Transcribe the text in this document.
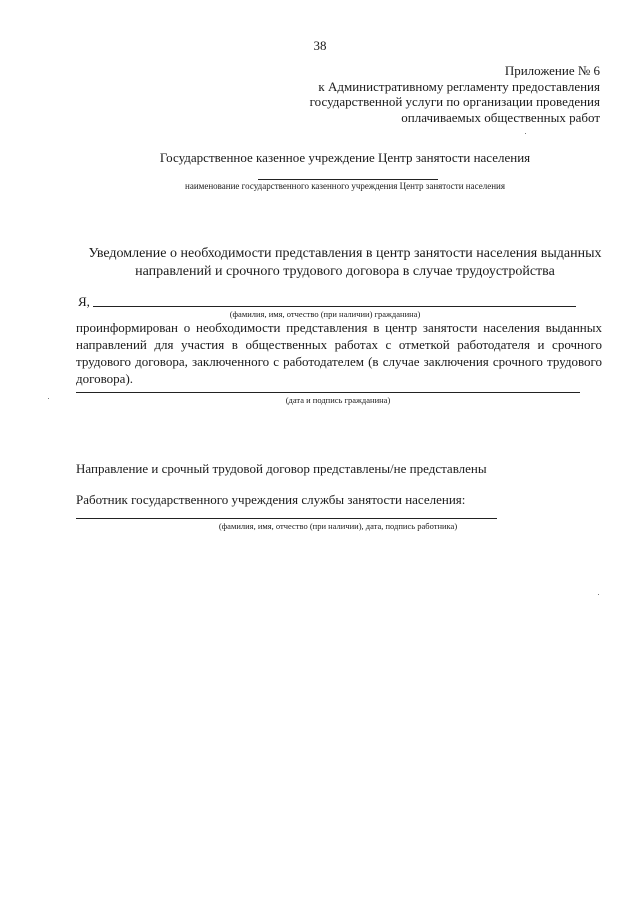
38
Приложение № 6
к Административному регламенту предоставления
государственной услуги по организации проведения
оплачиваемых общественных работ
Государственное казенное учреждение Центр занятости населения
наименование государственного казенного учреждения Центр занятости населения
Уведомление о необходимости представления в центр занятости населения выданных
направлений и срочного трудового договора в случае трудоустройства
Я,
(фамилия, имя, отчество (при наличии) гражданина)
проинформирован о необходимости представления в центр занятости населения выданных направлений для участия в общественных работах с отметкой работодателя и срочного трудового договора, заключенного с работодателем (в случае заключения срочного трудового договора).
(дата и подпись гражданина)
Направление и срочный трудовой договор представлены/не представлены
Работник государственного учреждения службы занятости населения:
(фамилия, имя, отчество (при наличии), дата, подпись работника)
